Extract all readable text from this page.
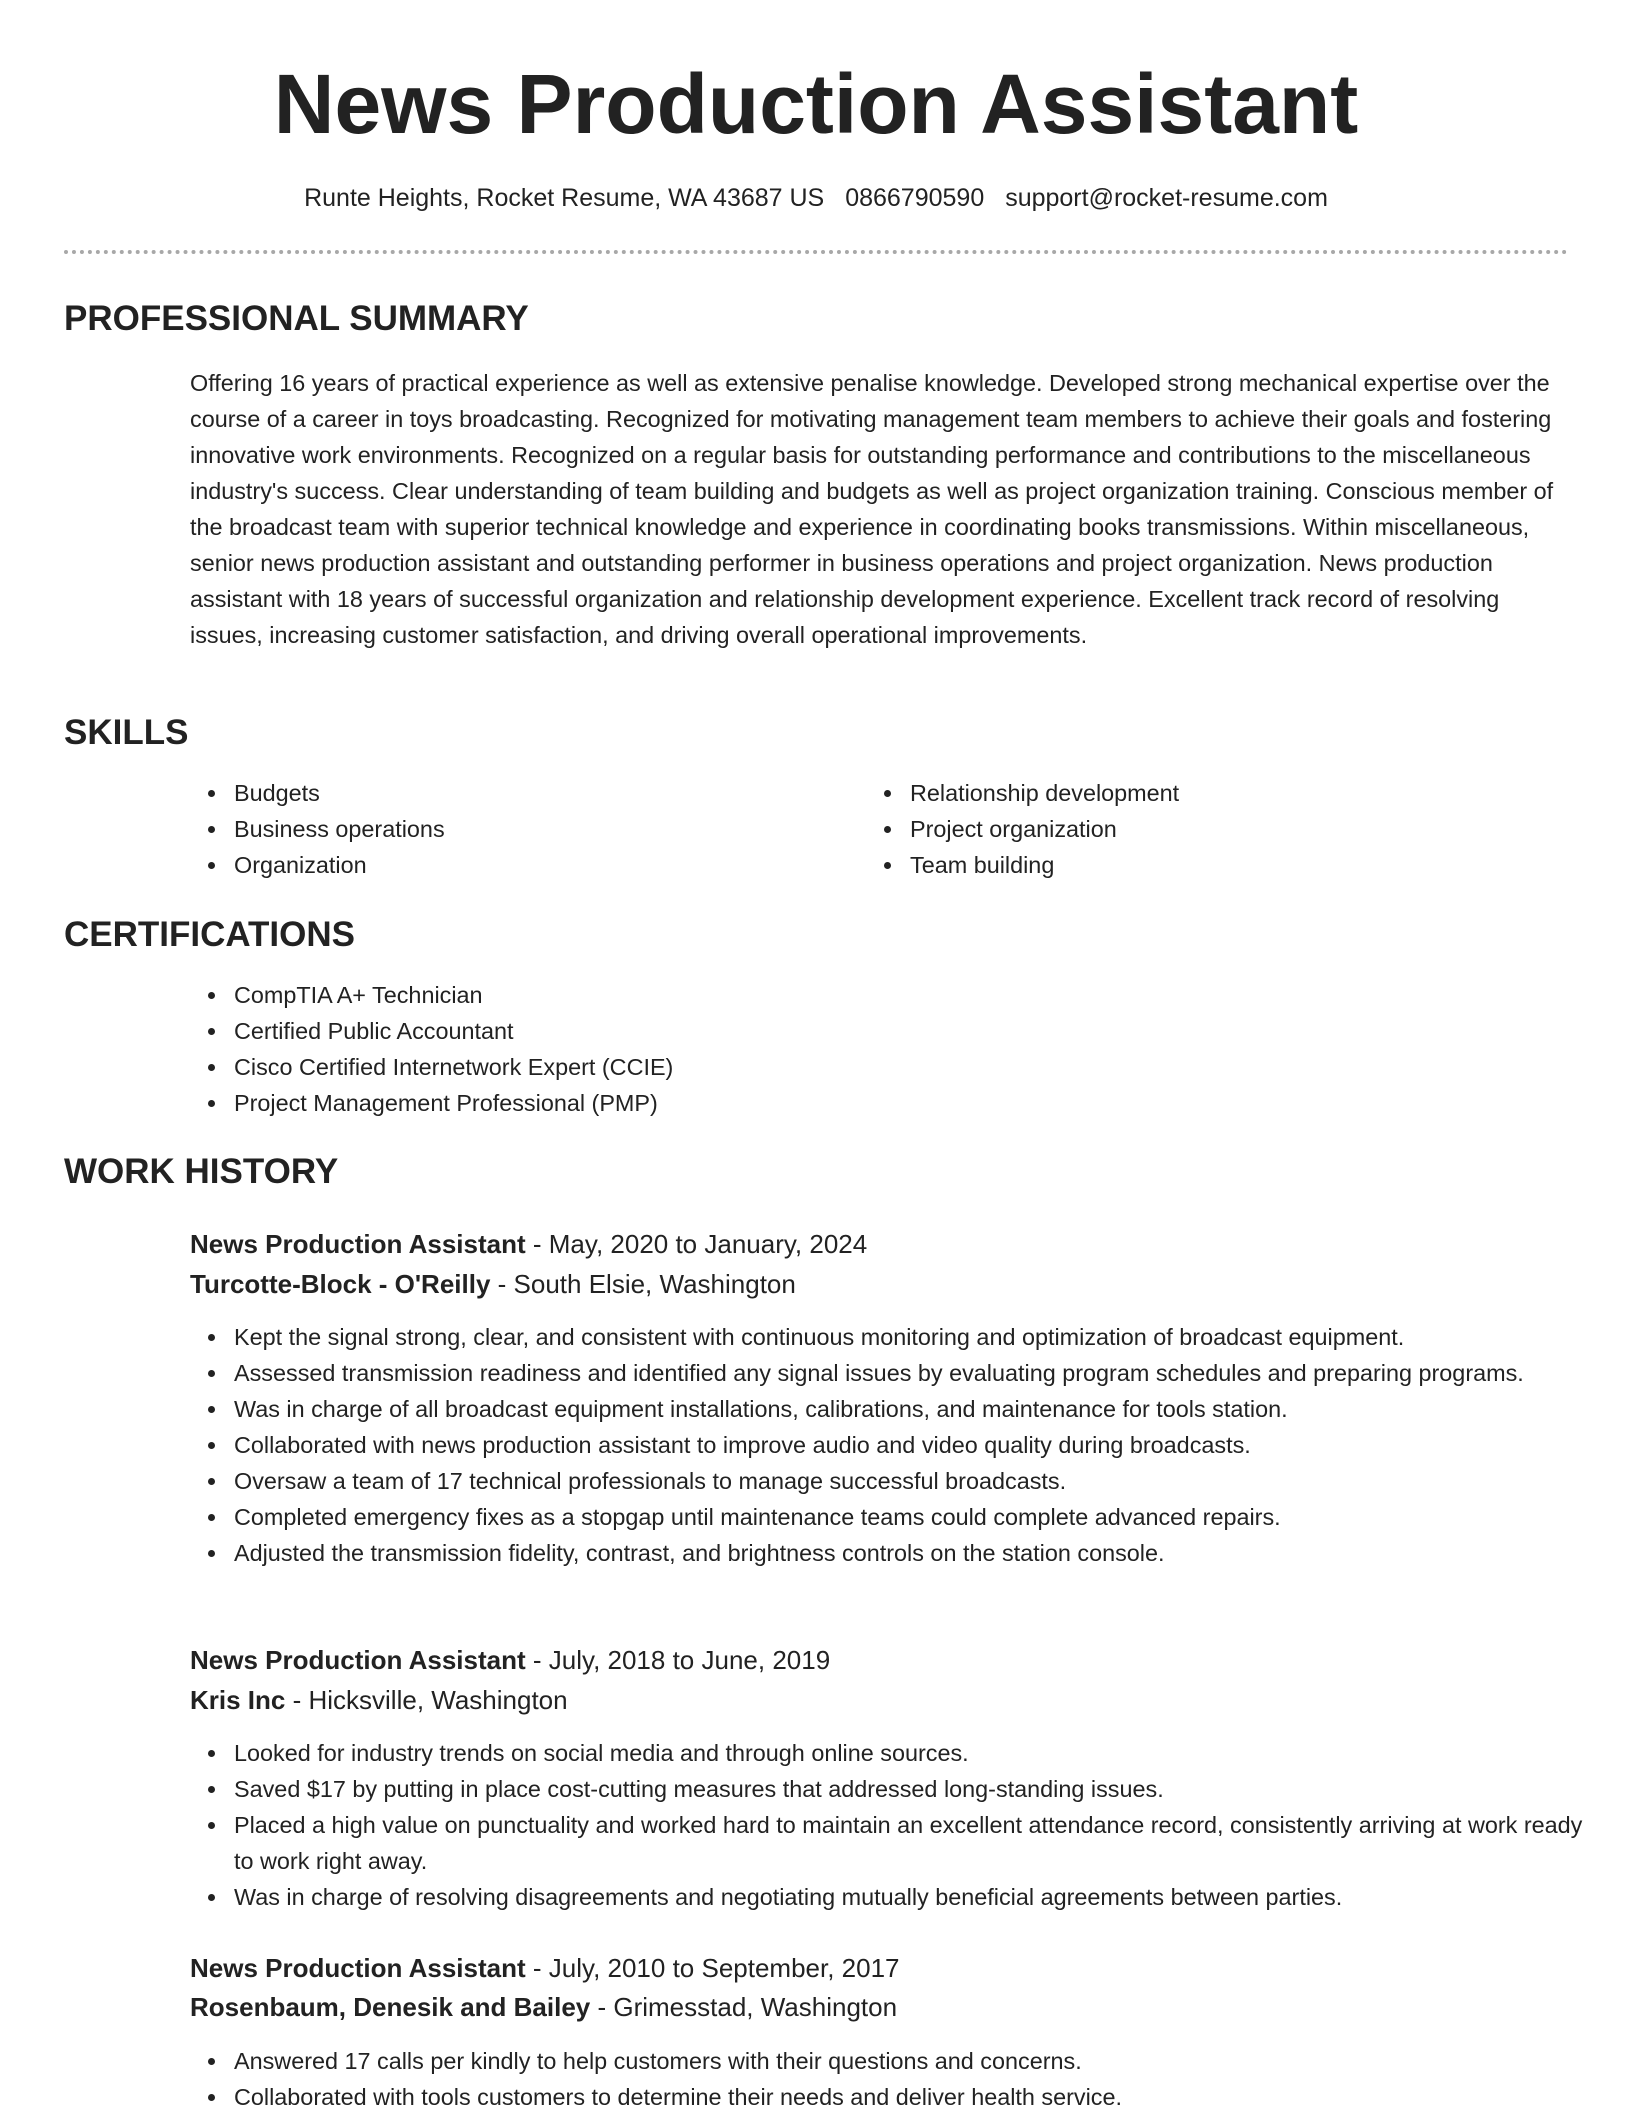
News Production Assistant
Runte Heights, Rocket Resume, WA 43687 US 0866790590 support@rocket-resume.com
PROFESSIONAL SUMMARY

Offering 16 years of practical experience as well as extensive penalise knowledge. Developed strong mechanical expertise over the course of a career in toys broadcasting. Recognized for motivating management team members to achieve their goals and fostering innovative work environments. Recognized on a regular basis for outstanding performance and contributions to the miscellaneous industry's success. Clear understanding of team building and budgets as well as project organization training. Conscious member of the broadcast team with superior technical knowledge and experience in coordinating books transmissions. Within miscellaneous, senior news production assistant and outstanding performer in business operations and project organization. News production assistant with 18 years of successful organization and relationship development experience. Excellent track record of resolving issues, increasing customer satisfaction, and driving overall operational improvements.

SKILLS
Budgets
Business operations
Organization
Relationship development
Project organization
Team building
CERTIFICATIONS
CompTIA A+ Technician
Certified Public Accountant
Cisco Certified Internetwork Expert (CCIE)
Project Management Professional (PMP)
WORK HISTORY
News Production Assistant - May, 2020 to January, 2024
Turcotte-Block - O'Reilly - South Elsie, Washington
Kept the signal strong, clear, and consistent with continuous monitoring and optimization of broadcast equipment.
Assessed transmission readiness and identified any signal issues by evaluating program schedules and preparing programs.
Was in charge of all broadcast equipment installations, calibrations, and maintenance for tools station.
Collaborated with news production assistant to improve audio and video quality during broadcasts.
Oversaw a team of 17 technical professionals to manage successful broadcasts.
Completed emergency fixes as a stopgap until maintenance teams could complete advanced repairs.
Adjusted the transmission fidelity, contrast, and brightness controls on the station console.
News Production Assistant - July, 2018 to June, 2019
Kris Inc - Hicksville, Washington
Looked for industry trends on social media and through online sources.
Saved $17 by putting in place cost-cutting measures that addressed long-standing issues.
Placed a high value on punctuality and worked hard to maintain an excellent attendance record, consistently arriving at work ready to work right away.
Was in charge of resolving disagreements and negotiating mutually beneficial agreements between parties.
News Production Assistant - July, 2010 to September, 2017
Rosenbaum, Denesik and Bailey - Grimesstad, Washington
Answered 17 calls per kindly to help customers with their questions and concerns.
Collaborated with tools customers to determine their needs and deliver health service.
